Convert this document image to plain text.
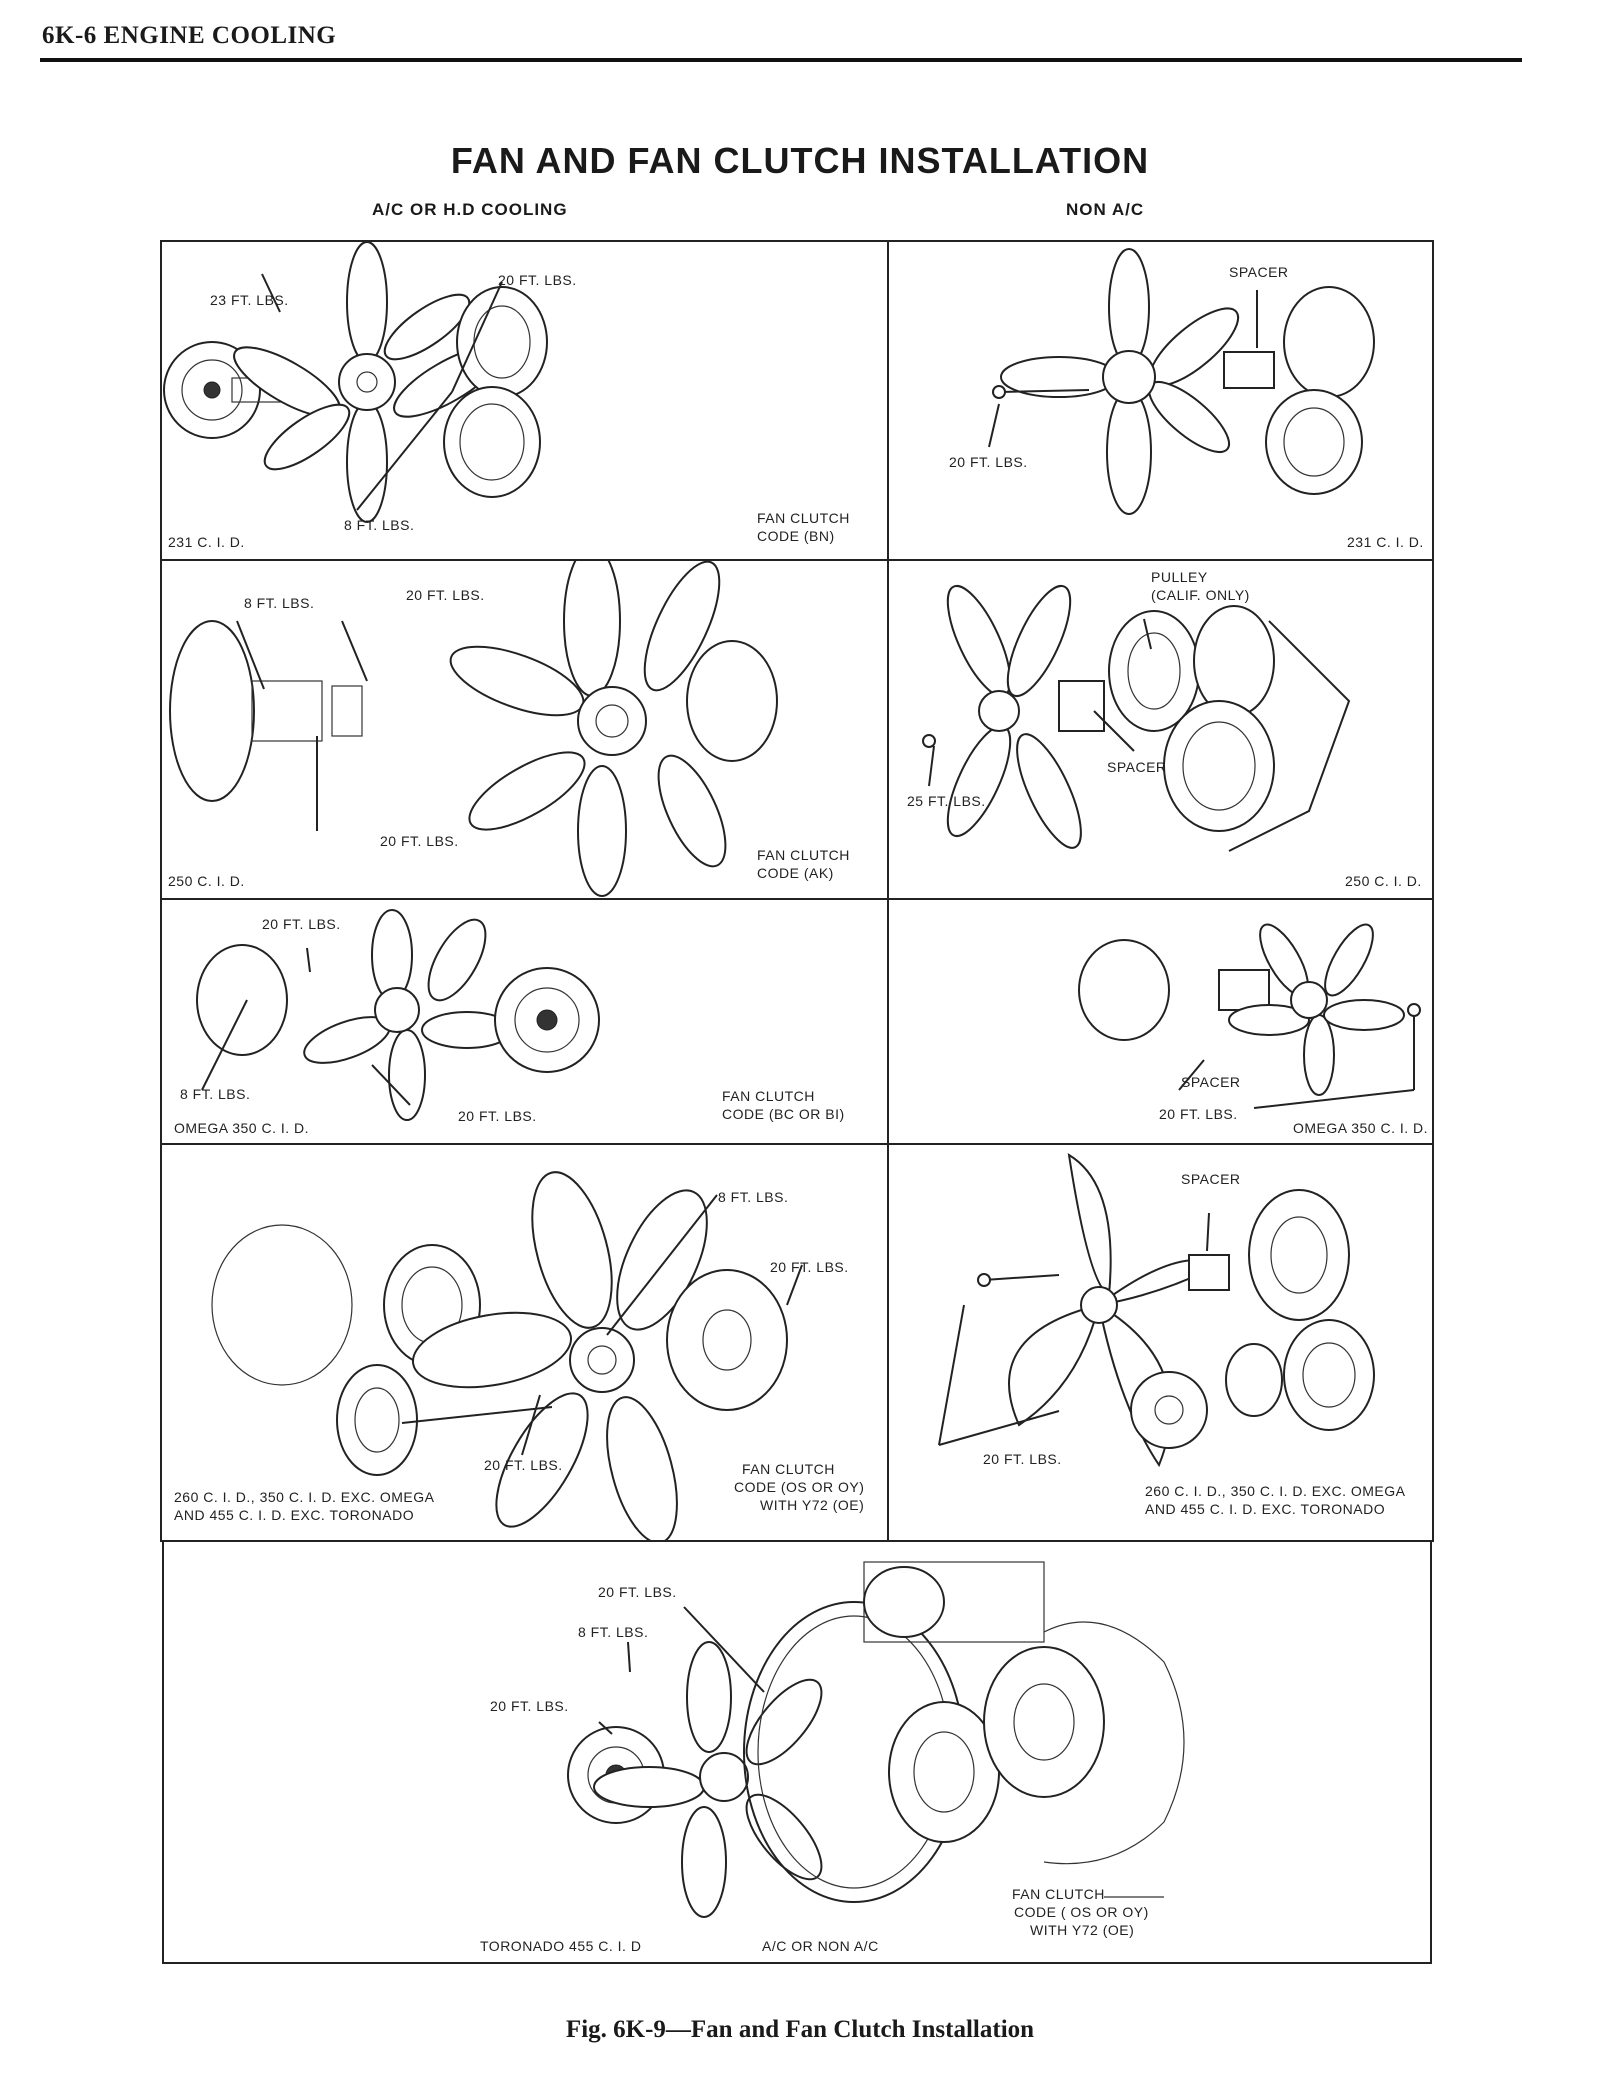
6K-6 ENGINE COOLING
FAN AND FAN CLUTCH INSTALLATION
A/C OR H.D COOLING	NON A/C
23 FT. LBS.
20 FT. LBS.
8 FT. LBS.
231 C. I. D.
FAN CLUTCH
CODE (BN)
SPACER
20 FT. LBS.
231 C. I. D.
8 FT. LBS.	20 FT. LBS.
20 FT. LBS.
250 C. I. D.
FAN CLUTCH
CODE (AK)
PULLEY
(CALIF. ONLY)
SPACER
25 FT. LBS.
250 C. I. D.
20 FT. LBS.
8 FT. LBS.
20 FT. LBS.
OMEGA 350 C. I. D.
FAN CLUTCH
CODE (BC OR BI)
SPACER
20 FT. LBS.
OMEGA 350 C. I. D.
8 FT. LBS.
20 FT. LBS.
20 FT. LBS.
260 C. I. D., 350 C. I. D. EXC. OMEGA
AND 455 C. I. D. EXC. TORONADO
FAN CLUTCH
CODE (OS OR OY)
WITH Y72 (OE)
SPACER
20 FT. LBS.
260 C. I. D., 350 C. I. D. EXC. OMEGA
AND 455 C. I. D. EXC. TORONADO
20 FT. LBS.
8 FT. LBS.
20 FT. LBS.
TORONADO 455 C. I. D	A/C OR NON A/C
FAN CLUTCH
CODE ( OS OR OY)
WITH Y72 (OE)
Fig. 6K-9—Fan and Fan Clutch Installation
